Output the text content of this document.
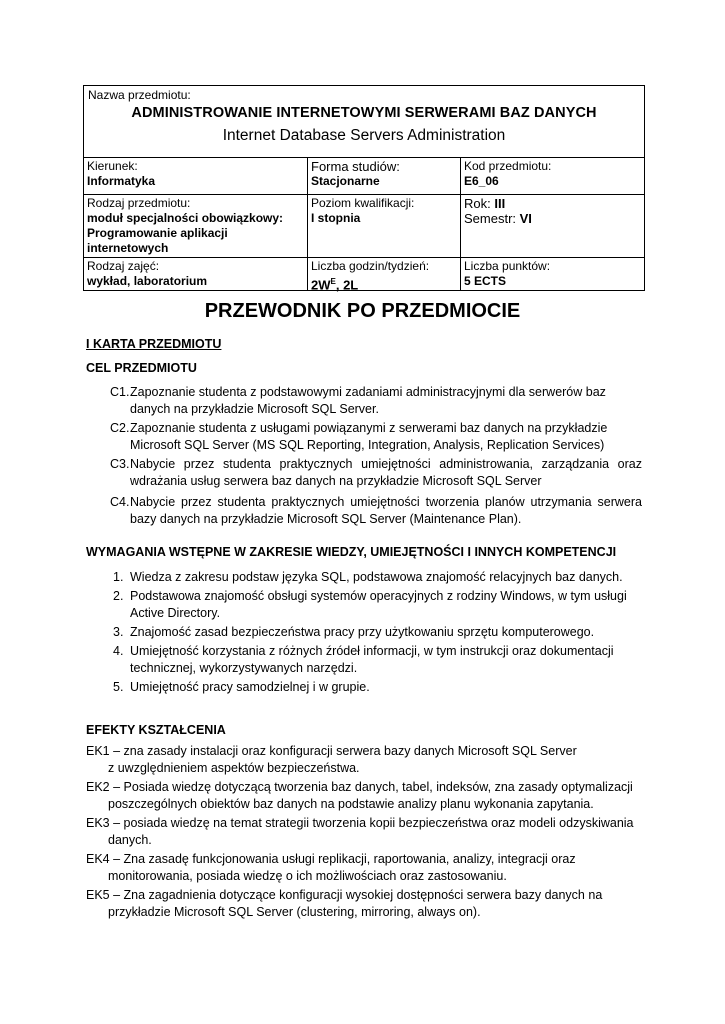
Nazwa przedmiotu:
ADMINISTROWANIE INTERNETOWYMI SERWERAMI BAZ DANYCH
Internet Database Servers Administration
Kierunek:
Informatyka
Forma studiów:
Stacjonarne
Kod przedmiotu:
E6_06
Rodzaj przedmiotu:
moduł specjalności obowiązkowy:
Programowanie aplikacji
internetowych
Poziom kwalifikacji:
I stopnia
Rok: III
Semestr: VI
Rodzaj zajęć:
wykład, laboratorium
Liczba godzin/tydzień:
$2W^E$, 2L
Liczba punktów:
5 ECTS
PRZEWODNIK PO PRZEDMIOCIE
I KARTA PRZEDMIOTU
CEL PRZEDMIOTU
C1. Zapoznanie studenta z podstawowymi zadaniami administracyjnymi dla serwerów baz
danych na przykładzie Microsoft SQL Server.
C2. Zapoznanie studenta z usługami powiązanymi z serwerami baz danych na przykładzie
Microsoft SQL Server (MS SQL Reporting, Integration, Analysis, Replication Services)
C3. Nabycie przez studenta praktycznych umiejętności administrowania, zarządzania oraz
wdrażania usług serwera baz danych na przykładzie Microsoft SQL Server
C4. Nabycie przez studenta praktycznych umiejętności tworzenia planów utrzymania serwera
bazy danych na przykładzie Microsoft SQL Server (Maintenance Plan).
WYMAGANIA WSTĘPNE W ZAKRESIE WIEDZY, UMIEJĘTNOŚCI I INNYCH KOMPETENCJI
1. Wiedza z zakresu podstaw języka SQL, podstawowa znajomość relacyjnych baz danych.
2. Podstawowa znajomość obsługi systemów operacyjnych z rodziny Windows, w tym usługi
Active Directory.
3. Znajomość zasad bezpieczeństwa pracy przy użytkowaniu sprzętu komputerowego.
4. Umiejętność korzystania z różnych źródeł informacji, w tym instrukcji oraz dokumentacji
technicznej, wykorzystywanych narzędzi.
5. Umiejętność pracy samodzielnej i w grupie.
EFEKTY KSZTAŁCENIA
EK1 – zna zasady instalacji oraz konfiguracji serwera bazy danych Microsoft SQL Server
z uwzględnieniem aspektów bezpieczeństwa.
EK2 – Posiada wiedzę dotyczącą tworzenia baz danych, tabel, indeksów, zna zasady optymalizacji
poszczególnych obiektów baz danych na podstawie analizy planu wykonania zapytania.
EK3 – posiada wiedzę na temat strategii tworzenia kopii bezpieczeństwa oraz modeli odzyskiwania
danych.
EK4 – Zna zasadę funkcjonowania usługi replikacji, raportowania, analizy, integracji oraz
monitorowania, posiada wiedzę o ich możliwościach oraz zastosowaniu.
EK5 – Zna zagadnienia dotyczące konfiguracji wysokiej dostępności serwera bazy danych na
przykładzie Microsoft SQL Server (clustering, mirroring, always on).
